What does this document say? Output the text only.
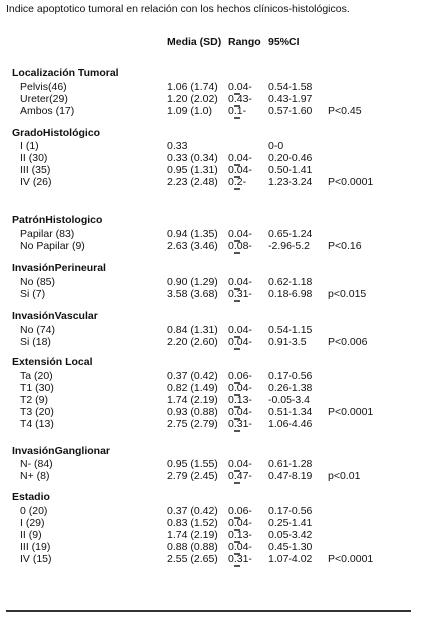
Indice apoptotico tumoral en relación con los hechos clínicos-histológicos.
Media (SD) Rango 95%CI
Localización Tumoral
Pelvis(46)	1.06 (1.74) 0.04- 0.54-1.58
Ureter(29)	1.20 (2.02) 0.43- 0.43-1.97
Ambos (17)	1.09 (1.0) 0.1- 0.57-1.60 P<0.45
GradoHistológico
I (1)	0.33	0-0
II (30)	0.33 (0.34) 0.04- 0.20-0.46
III (35)	0.95 (1.31) 0.04- 0.50-1.41
IV (26)	2.23 (2.48) 0.2- 1.23-3.24 P<0.0001
PatrónHistologico
Papilar (83)	0.94 (1.35) 0.04- 0.65-1.24
No Papilar (9)	2.63 (3.46) 0.08- -2.96-5.2 P<0.16
InvasiónPerineural
No (85)	0.90 (1.29) 0.04- 0.62-1.18
Si (7)	3.58 (3.68) 0.31- 0.18-6.98 p<0.015
InvasiónVascular
No (74)	0.84 (1.31) 0.04- 0.54-1.15
Si (18)	2.20 (2.60) 0.04- 0.91-3.5 P<0.006
Extensión Local
Ta (20)	0.37 (0.42) 0.06- 0.17-0.56
T1 (30)	0.82 (1.49) 0.04- 0.26-1.38
T2 (9)	1.74 (2.19) 0.13- -0.05-3.4
T3 (20)	0.93 (0.88) 0.04- 0.51-1.34 P<0.0001
T4 (13)	2.75 (2.79) 0.31- 1.06-4.46
InvasiónGanglionar
N- (84)	0.95 (1.55) 0.04- 0.61-1.28
N+ (8)	2.79 (2.45) 0.47- 0.47-8.19 p<0.01
Estadio
0 (20)	0.37 (0.42) 0.06- 0.17-0.56
I (29)	0.83 (1.52) 0.04- 0.25-1.41
II (9)	1.74 (2.19) 0.13- 0.05-3.42
III (19)	0.88 (0.88) 0.04- 0.45-1.30
IV (15)	2.55 (2.65) 0.31- 1.07-4.02 P<0.0001
